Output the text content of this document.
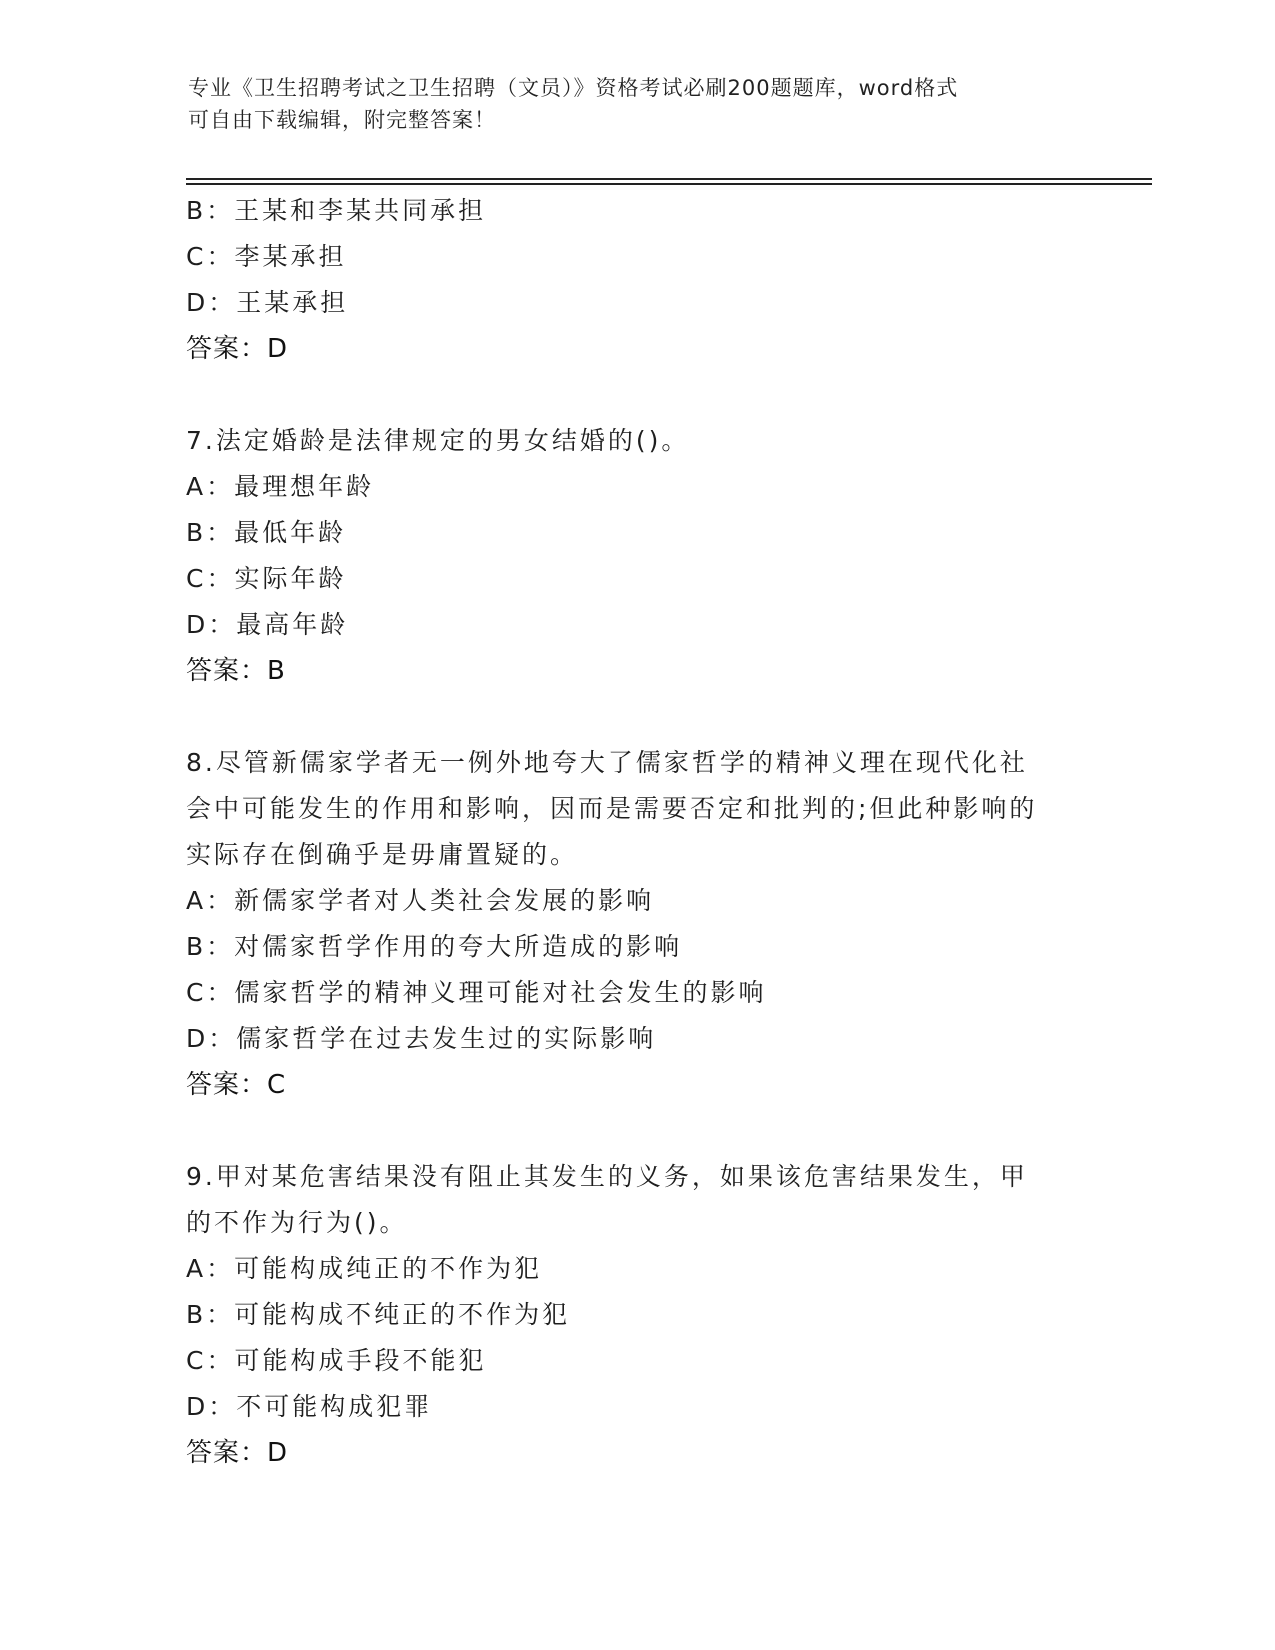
专业《卫生招聘考试之卫生招聘（文员）》资格考试必刷200题题库，word格式
可自由下载编辑，附完整答案！
B：王某和李某共同承担
C：李某承担
D：王某承担
答案：D
7.法定婚龄是法律规定的男女结婚的()。
A：最理想年龄
B：最低年龄
C：实际年龄
D：最高年龄
答案：B
8.尽管新儒家学者无一例外地夸大了儒家哲学的精神义理在现代化社
会中可能发生的作用和影响，因而是需要否定和批判的;但此种影响的
实际存在倒确乎是毋庸置疑的。
A：新儒家学者对人类社会发展的影响
B：对儒家哲学作用的夸大所造成的影响
C：儒家哲学的精神义理可能对社会发生的影响
D：儒家哲学在过去发生过的实际影响
答案：C
9.甲对某危害结果没有阻止其发生的义务，如果该危害结果发生，甲
的不作为行为()。
A：可能构成纯正的不作为犯
B：可能构成不纯正的不作为犯
C：可能构成手段不能犯
D：不可能构成犯罪
答案：D
